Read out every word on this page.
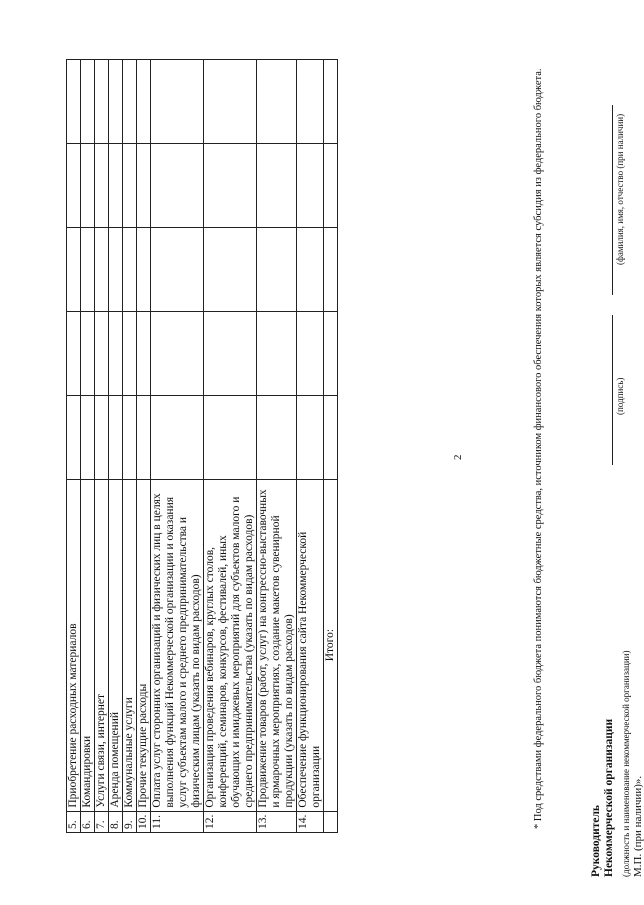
2
5.	Приобретение расходных материалов					
6.	Командировки					
7.	Услуги связи, интернет					
8.	Аренда помещений					
9.	Коммунальные услуги					
10.	Прочие текущие расходы					
11.	Оплата услуг сторонних организаций и физических лиц в целях выполнения функций Некоммерческой организации и оказания услуг субъектам малого и среднего предпринимательства и физическим лицам (указать по видам расходов)					
12.	Организация проведения вебинаров, круглых столов, конференций, семинаров, конкурсов, фестивалей, иных обучающих и имиджевых мероприятий для субъектов малого и среднего предпринимательства (указать по видам расходов)					
13.	Продвижение товаров (работ, услуг) на конгрессно-выставочных и ярмарочных мероприятиях, создание макетов сувенирной продукции (указать по видам расходов)					
14.	Обеспечение функционирования сайта Некоммерческой организации					
	Итого:						* Под средствами федерального бюджета понимаются бюджетные средства, источником финансового обеспечения которых является субсидия из федерального бюджета.
Руководитель Некоммерческой организации (должность и наименование некоммерческой организации)
(подпись)
(фамилия, имя, отчество (при наличии)
М.П. (при наличии)».
